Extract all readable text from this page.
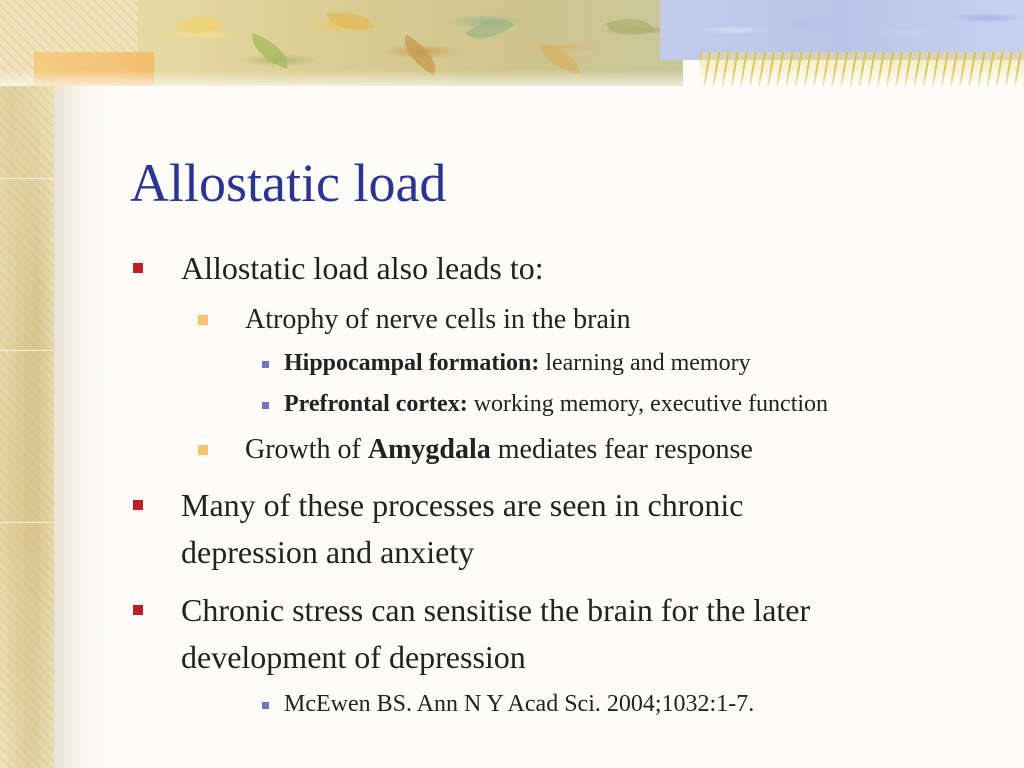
Allostatic load
Allostatic load also leads to:
Atrophy of nerve cells in the brain
Hippocampal formation: learning and memory
Prefrontal cortex: working memory, executive function
Growth of Amygdala mediates fear response
Many of these processes are seen in chronic
depression and anxiety
Chronic stress can sensitise the brain for the later
development of depression
McEwen BS. Ann N Y Acad Sci. 2004;1032:1-7.
